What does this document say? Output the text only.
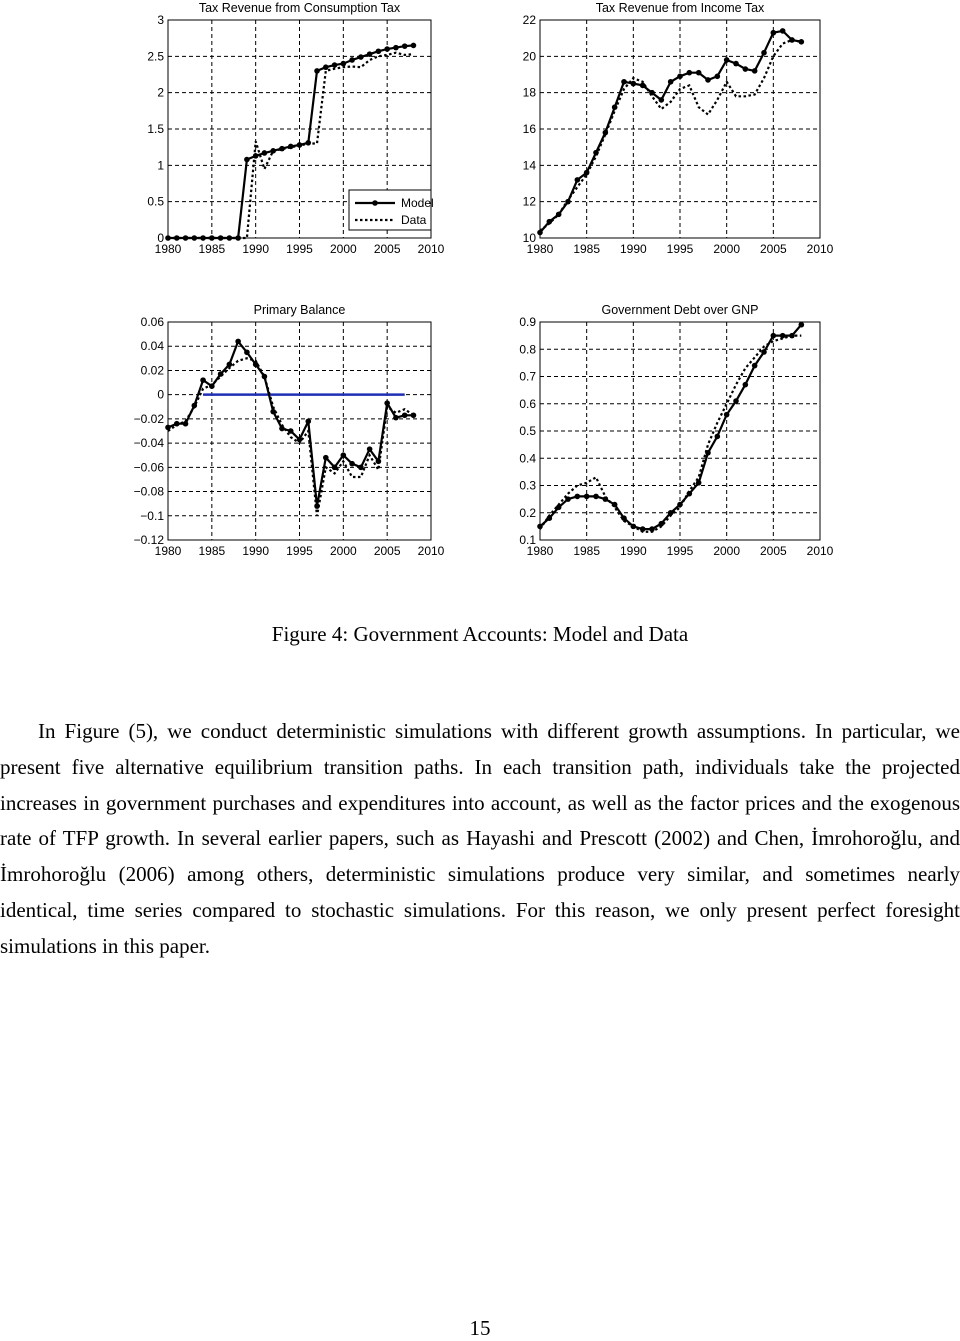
1980 1985 1990 1995 2000 2005 2010
0
0.5
1
1.5
2
2.5
3
Tax Revenue from Consumption Tax
Model
Data
1980 1985 1990 1995 2000 2005 2010
10
12
14
16
18
20
22
Tax Revenue from Income Tax
1980 1985 1990 1995 2000 2005 2010
0.06
0.04
0.02
0
−0.02
−0.04
−0.06
−0.08
−0.1
−0.12
Primary Balance
1980 1985 1990 1995 2000 2005 2010
0.9
0.8
0.7
0.6
0.5
0.4
0.3
0.2
0.1
Government Debt over GNP
Figure 4: Government Accounts: Model and Data

In Figure (5), we conduct deterministic simulations with different growth assumptions. In particular, we present five alternative equilibrium transition paths. In each transition path, individuals take the projected increases in government purchases and expenditures into account, as well as the factor prices and the exogenous rate of TFP growth. In several earlier papers, such as Hayashi and Prescott (2002) and Chen, İmrohoroğlu, and İmrohoroğlu (2006) among others, deterministic simulations produce very similar, and sometimes nearly identical, time series compared to stochastic simulations. For this reason, we only present perfect foresight simulations in this paper.

15
